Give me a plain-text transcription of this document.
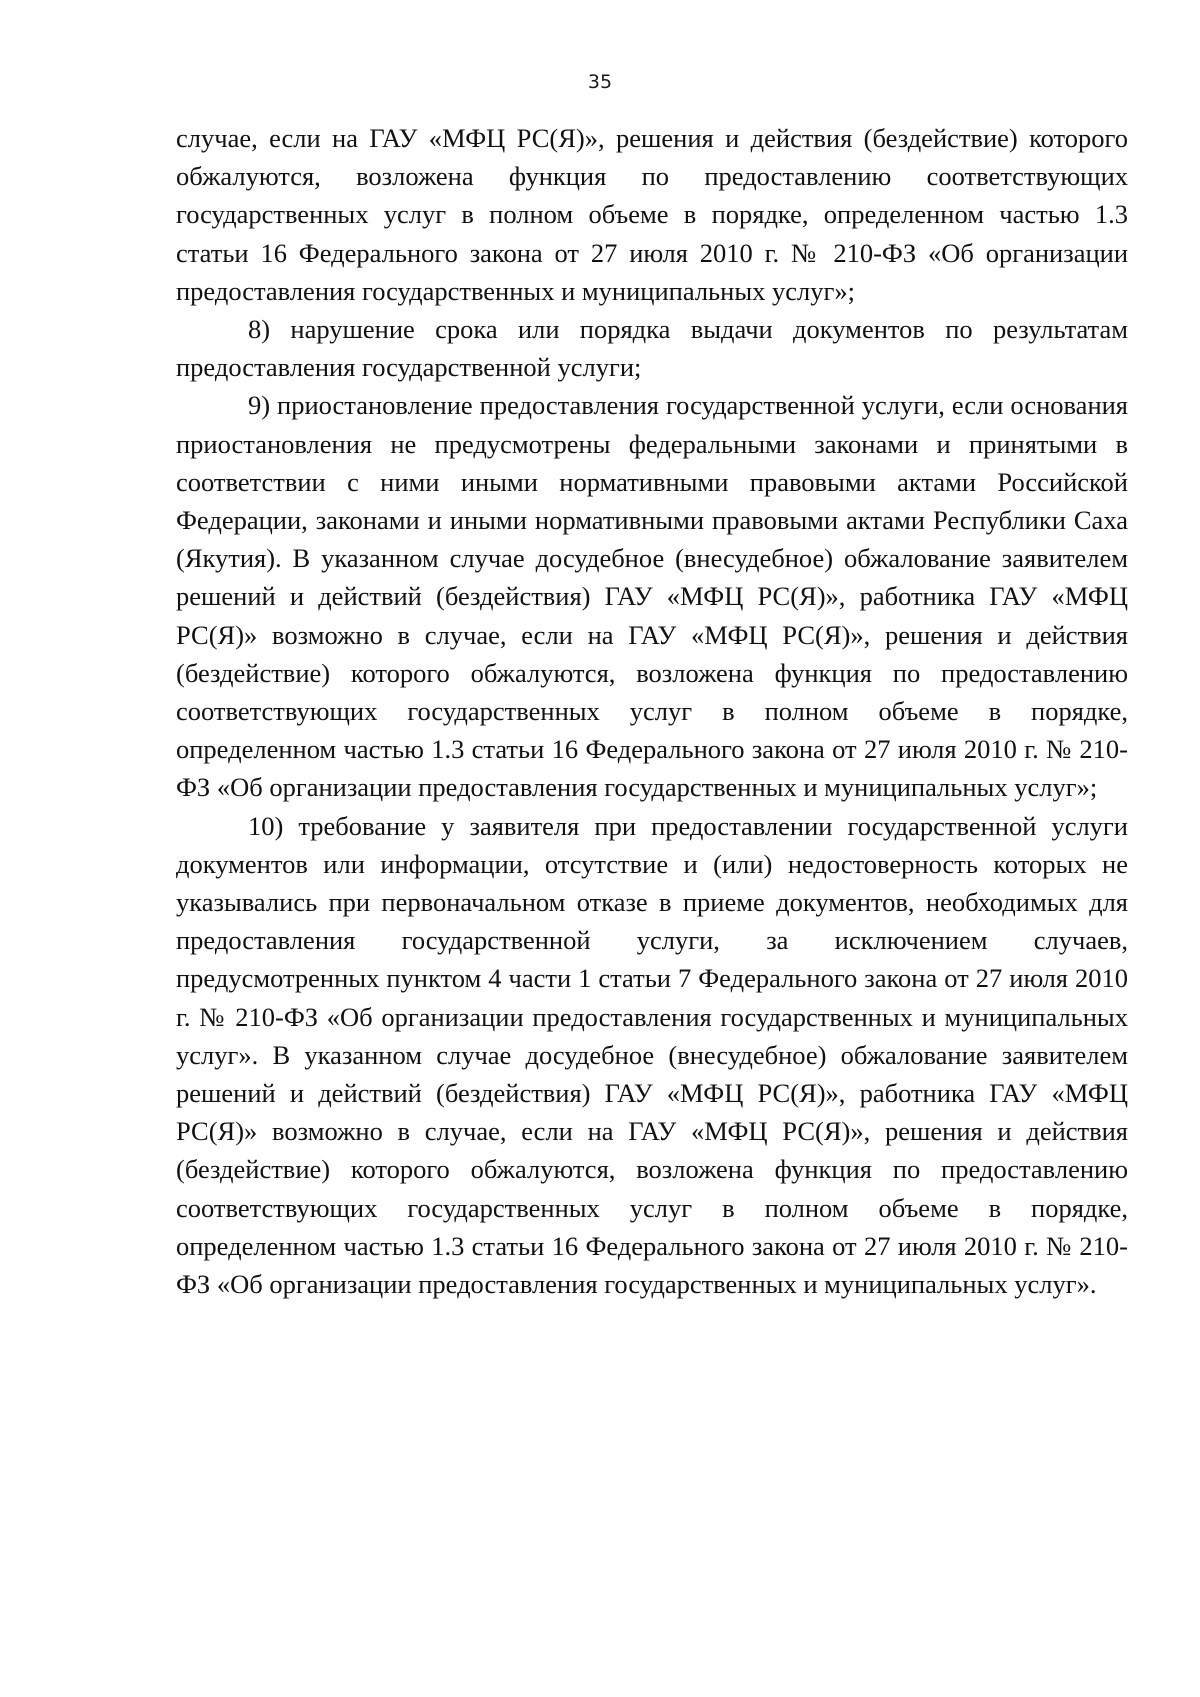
35

случае, если на ГАУ «МФЦ РС(Я)», решения и действия (бездействие) которого обжалуются, возложена функция по предоставлению соответствующих государственных услуг в полном объеме в порядке, определенном частью 1.3 статьи 16 Федерального закона от 27 июля 2010 г. № 210-ФЗ «Об организации предоставления государственных и муниципальных услуг»;

8) нарушение срока или порядка выдачи документов по результатам предоставления государственной услуги;

9) приостановление предоставления государственной услуги, если основания приостановления не предусмотрены федеральными законами и принятыми в соответствии с ними иными нормативными правовыми актами Российской Федерации, законами и иными нормативными правовыми актами Республики Саха (Якутия). В указанном случае досудебное (внесудебное) обжалование заявителем решений и действий (бездействия) ГАУ «МФЦ РС(Я)», работника ГАУ «МФЦ РС(Я)» возможно в случае, если на ГАУ «МФЦ РС(Я)», решения и действия (бездействие) которого обжалуются, возложена функция по предоставлению соответствующих государственных услуг в полном объеме в порядке, определенном частью 1.3 статьи 16 Федерального закона от 27 июля 2010 г. № 210-ФЗ «Об организации предоставления государственных и муниципальных услуг»;

10) требование у заявителя при предоставлении государственной услуги документов или информации, отсутствие и (или) недостоверность которых не указывались при первоначальном отказе в приеме документов, необходимых для предоставления государственной услуги, за исключением случаев, предусмотренных пунктом 4 части 1 статьи 7 Федерального закона от 27 июля 2010 г. № 210-ФЗ «Об организации предоставления государственных и муниципальных услуг». В указанном случае досудебное (внесудебное) обжалование заявителем решений и действий (бездействия) ГАУ «МФЦ РС(Я)», работника ГАУ «МФЦ РС(Я)» возможно в случае, если на ГАУ «МФЦ РС(Я)», решения и действия (бездействие) которого обжалуются, возложена функция по предоставлению соответствующих государственных услуг в полном объеме в порядке, определенном частью 1.3 статьи 16 Федерального закона от 27 июля 2010 г. № 210-ФЗ «Об организации предоставления государственных и муниципальных услуг».
